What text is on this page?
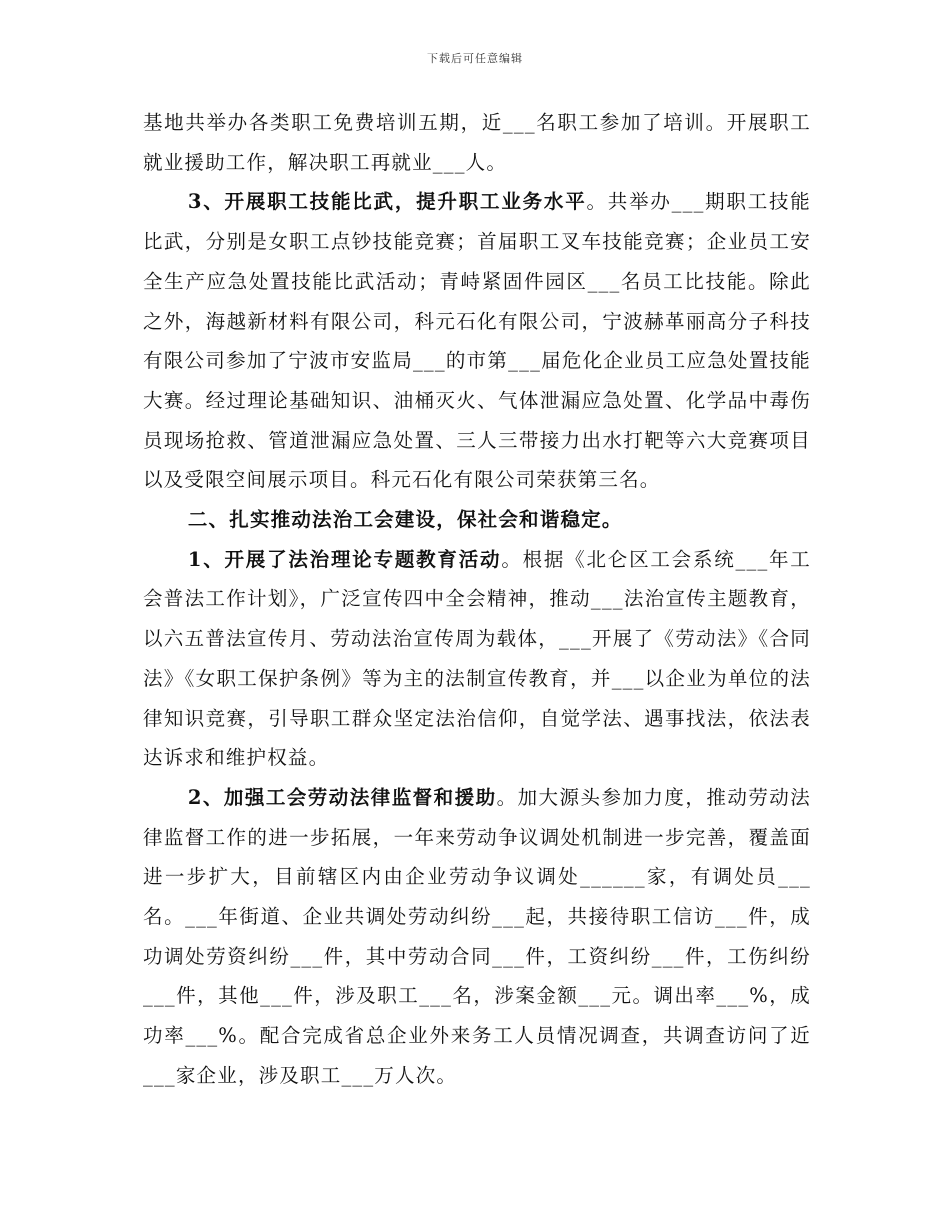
下载后可任意编辑

基地共举办各类职工免费培训五期，近___名职工参加了培训。开展职工就业援助工作，解决职工再就业___人。

3、开展职工技能比武，提升职工业务水平。共举办___期职工技能比武，分别是女职工点钞技能竞赛；首届职工叉车技能竞赛；企业员工安全生产应急处置技能比武活动；青峙紧固件园区___名员工比技能。除此之外，海越新材料有限公司，科元石化有限公司，宁波赫革丽高分子科技有限公司参加了宁波市安监局___的市第___届危化企业员工应急处置技能大赛。经过理论基础知识、油桶灭火、气体泄漏应急处置、化学品中毒伤员现场抢救、管道泄漏应急处置、三人三带接力出水打靶等六大竞赛项目以及受限空间展示项目。科元石化有限公司荣获第三名。

二、扎实推动法治工会建设，保社会和谐稳定。

1、开展了法治理论专题教育活动。根据《北仑区工会系统___年工会普法工作计划》，广泛宣传四中全会精神，推动___法治宣传主题教育，以六五普法宣传月、劳动法治宣传周为载体，___开展了《劳动法》《合同法》《女职工保护条例》等为主的法制宣传教育，并___以企业为单位的法律知识竞赛，引导职工群众坚定法治信仰，自觉学法、遇事找法，依法表达诉求和维护权益。

2、加强工会劳动法律监督和援助。加大源头参加力度，推动劳动法律监督工作的进一步拓展，一年来劳动争议调处机制进一步完善，覆盖面进一步扩大，目前辖区内由企业劳动争议调处______家，有调处员___名。___年街道、企业共调处劳动纠纷___起，共接待职工信访___件，成功调处劳资纠纷___件，其中劳动合同___件，工资纠纷___件，工伤纠纷___件，其他___件，涉及职工___名，涉案金额___元。调出率___%，成功率___%。配合完成省总企业外来务工人员情况调查，共调查访问了近___家企业，涉及职工___万人次。
